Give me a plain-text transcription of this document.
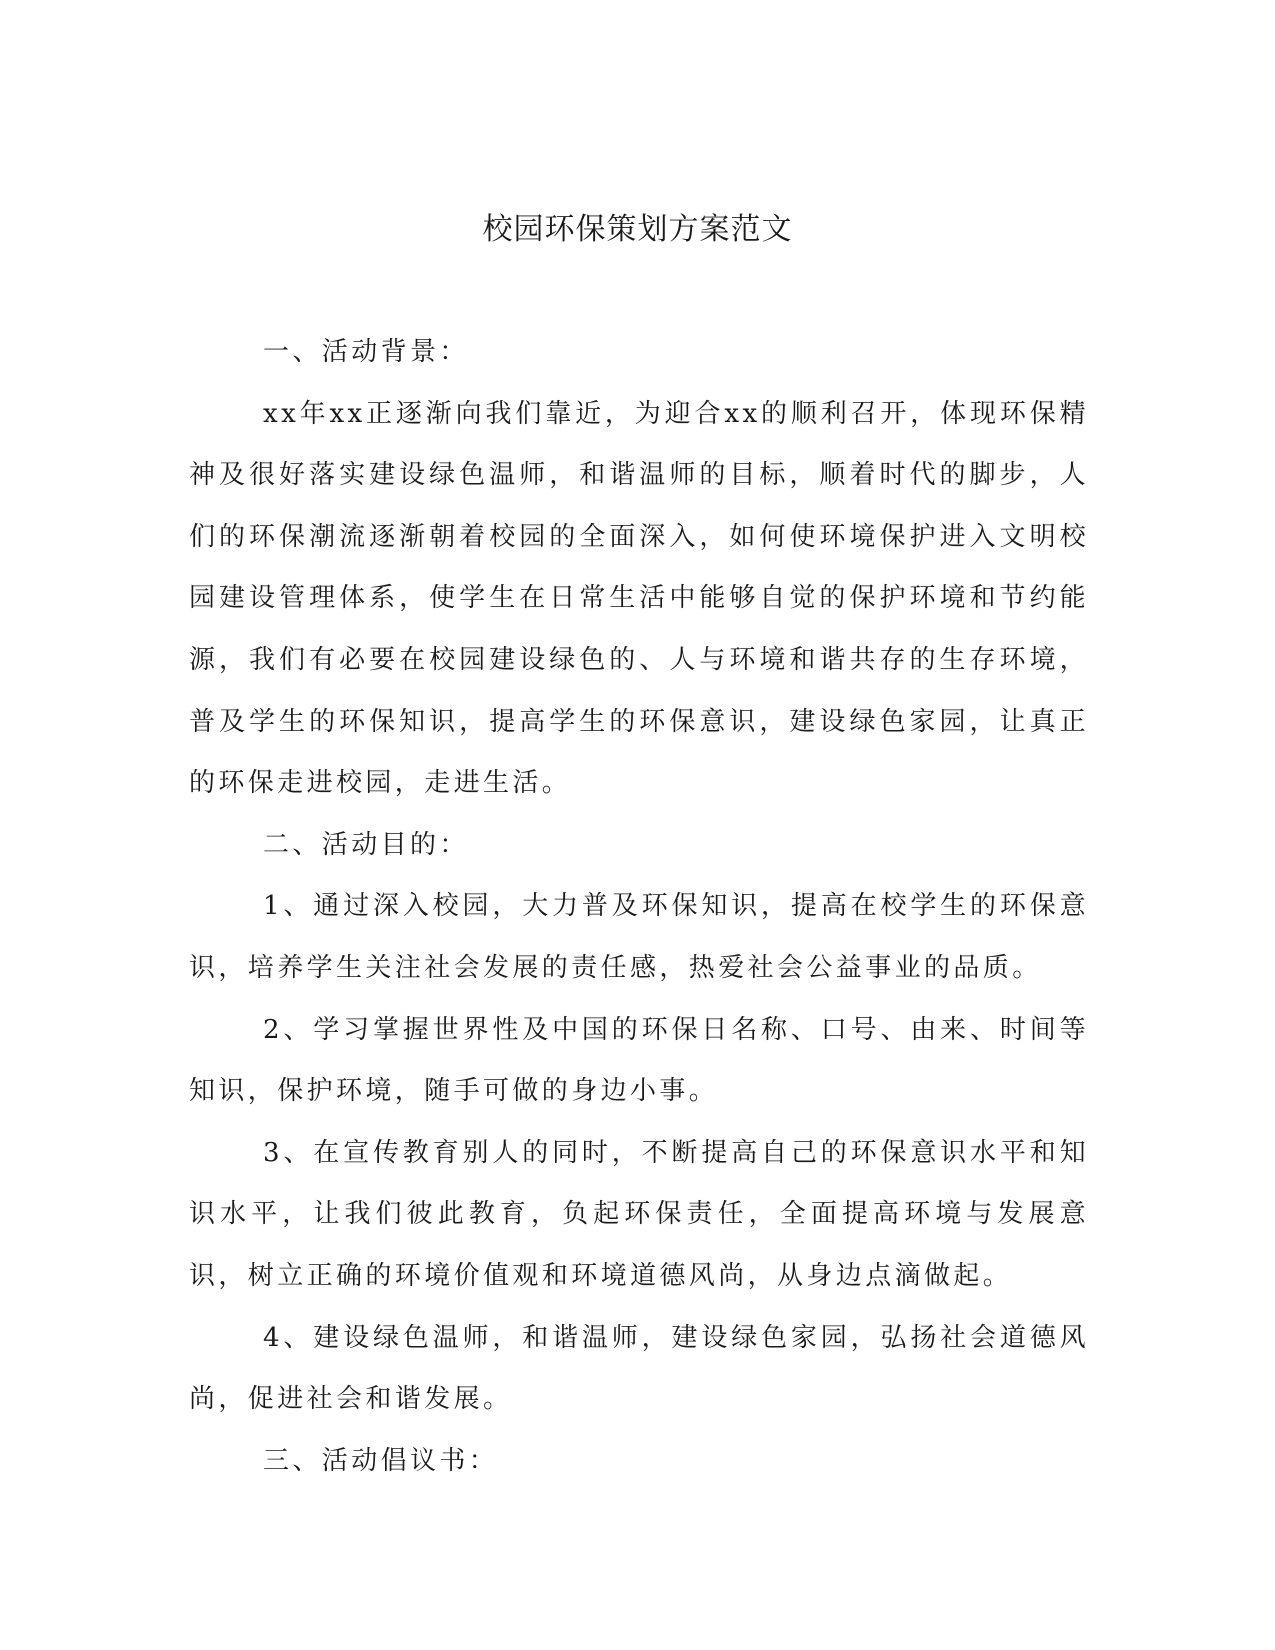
校园环保策划方案范文

一、活动背景：

xx年xx正逐渐向我们靠近，为迎合xx的顺利召开，体现环保精神及很好落实建设绿色温师，和谐温师的目标，顺着时代的脚步，人们的环保潮流逐渐朝着校园的全面深入，如何使环境保护进入文明校园建设管理体系，使学生在日常生活中能够自觉的保护环境和节约能源，我们有必要在校园建设绿色的、人与环境和谐共存的生存环境，普及学生的环保知识，提高学生的环保意识，建设绿色家园，让真正的环保走进校园，走进生活。

二、活动目的：

1、通过深入校园，大力普及环保知识，提高在校学生的环保意识，培养学生关注社会发展的责任感，热爱社会公益事业的品质。

2、学习掌握世界性及中国的环保日名称、口号、由来、时间等知识，保护环境，随手可做的身边小事。

3、在宣传教育别人的同时，不断提高自己的环保意识水平和知识水平，让我们彼此教育，负起环保责任，全面提高环境与发展意识，树立正确的环境价值观和环境道德风尚，从身边点滴做起。

4、建设绿色温师，和谐温师，建设绿色家园，弘扬社会道德风尚，促进社会和谐发展。

三、活动倡议书：
